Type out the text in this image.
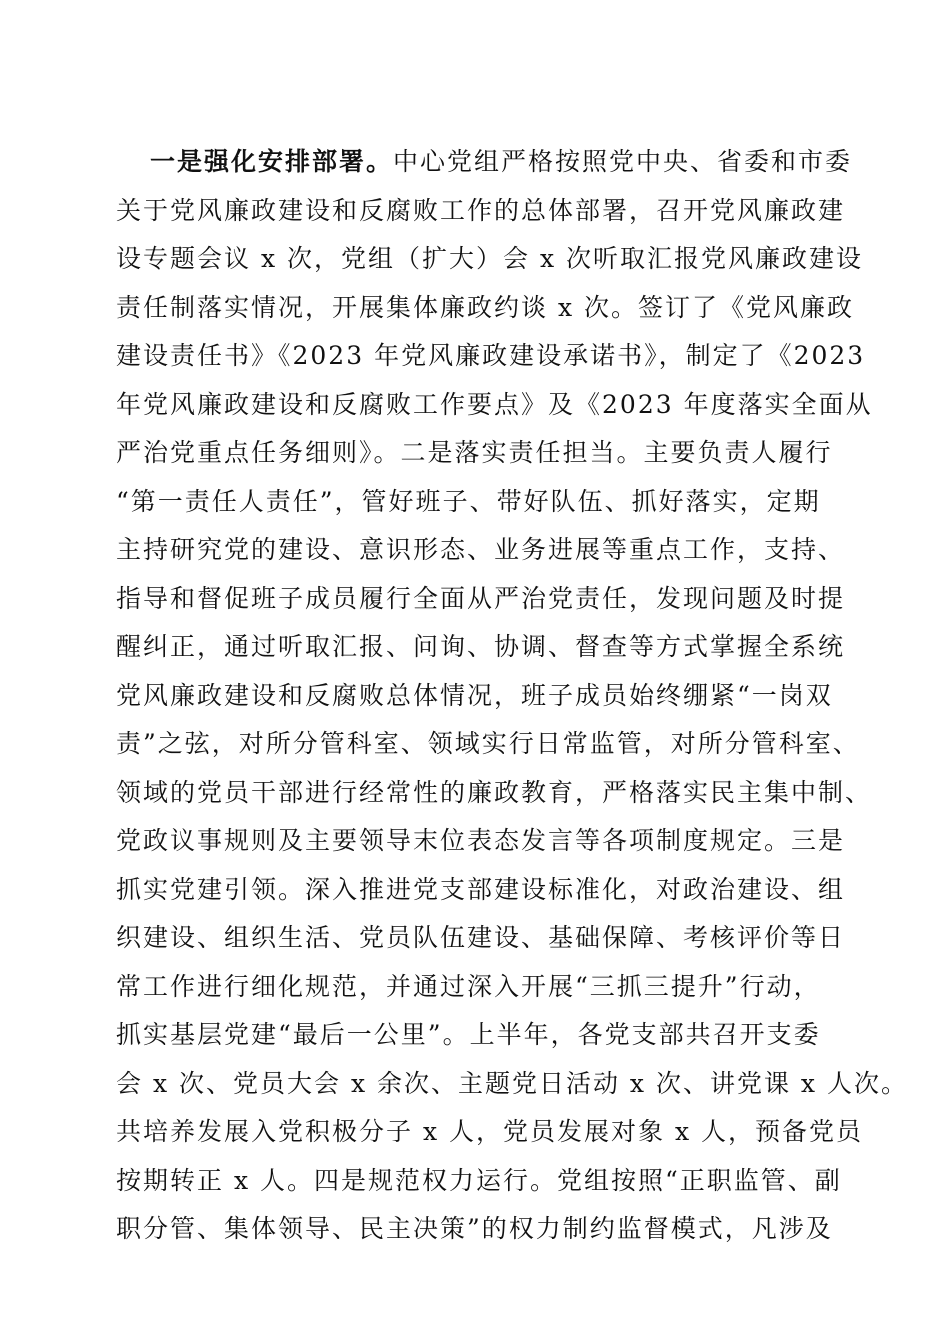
一是强化安排部署。中心党组严格按照党中央、省委和市委
关于党风廉政建设和反腐败工作的总体部署，召开党风廉政建
设专题会议 x 次，党组（扩大）会 x 次听取汇报党风廉政建设
责任制落实情况，开展集体廉政约谈 x 次。签订了《党风廉政
建设责任书》《2023 年党风廉政建设承诺书》，制定了《2023
年党风廉政建设和反腐败工作要点》及《2023 年度落实全面从
严治党重点任务细则》。二是落实责任担当。主要负责人履行
“第一责任人责任”，管好班子、带好队伍、抓好落实，定期
主持研究党的建设、意识形态、业务进展等重点工作，支持、
指导和督促班子成员履行全面从严治党责任，发现问题及时提
醒纠正，通过听取汇报、问询、协调、督查等方式掌握全系统
党风廉政建设和反腐败总体情况，班子成员始终绷紧“一岗双
责”之弦，对所分管科室、领域实行日常监管，对所分管科室、
领域的党员干部进行经常性的廉政教育，严格落实民主集中制、
党政议事规则及主要领导末位表态发言等各项制度规定。三是
抓实党建引领。深入推进党支部建设标准化，对政治建设、组
织建设、组织生活、党员队伍建设、基础保障、考核评价等日
常工作进行细化规范，并通过深入开展“三抓三提升”行动，
抓实基层党建“最后一公里”。上半年，各党支部共召开支委
会 x 次、党员大会 x 余次、主题党日活动 x 次、讲党课 x 人次。
共培养发展入党积极分子 x 人，党员发展对象 x 人，预备党员
按期转正 x 人。四是规范权力运行。党组按照“正职监管、副
职分管、集体领导、民主决策”的权力制约监督模式，凡涉及
